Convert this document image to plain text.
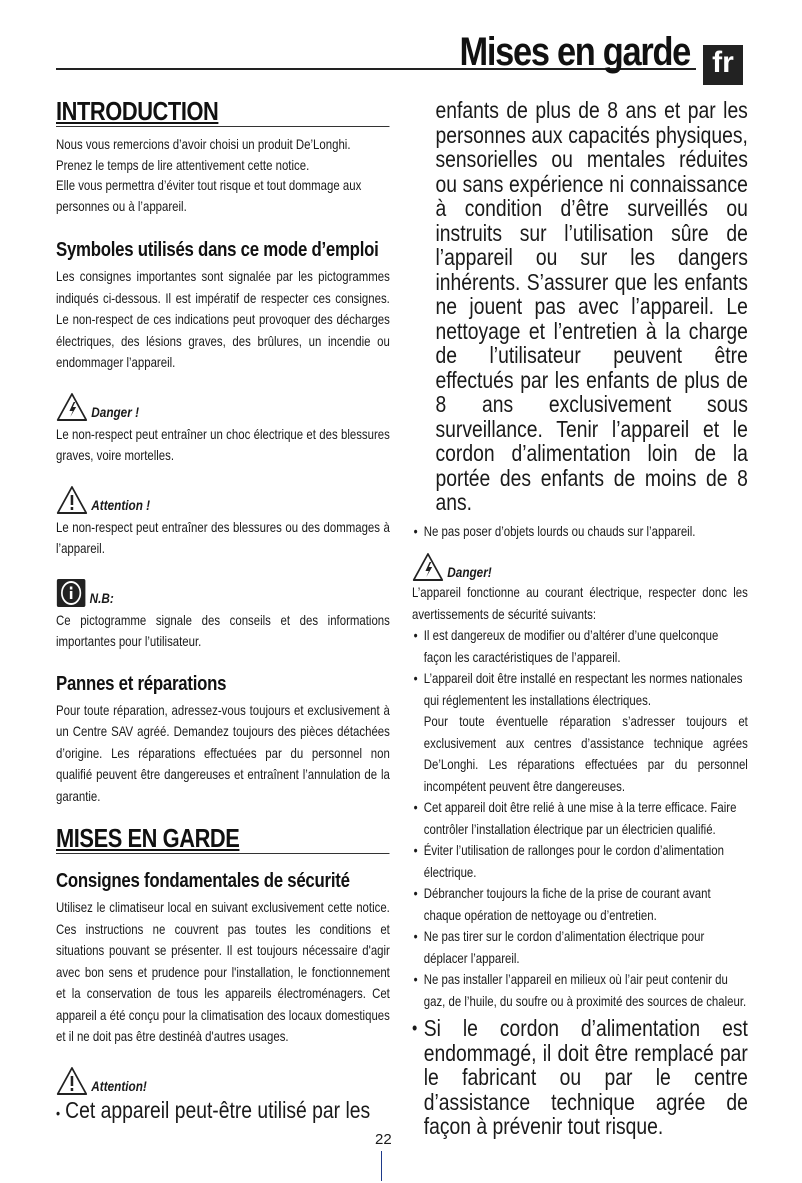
Mises en garde fr
INTRODUCTION
Nous vous remercions d’avoir choisi un produit De’Longhi.
Prenez le temps de lire attentivement cette notice.
Elle vous permettra d’éviter tout risque et tout dommage aux personnes ou à l’appareil.
Symboles utilisés dans ce mode d’emploi
Les consignes importantes sont signalée par les pictogrammes indiqués ci-dessous. Il est impératif de respecter ces consignes. Le non-respect de ces indications peut provoquer des décharges électriques, des lésions graves, des brûlures, un incendie ou endommager l’appareil.
Danger !
Le non-respect peut entraîner un choc électrique et des blessures graves, voire mortelles.
Attention !
Le non-respect peut entraîner des blessures ou des dommages à l’appareil.
N.B:
Ce pictogramme signale des conseils et des informations importantes pour l’utilisateur.
Pannes et réparations
Pour toute réparation, adressez-vous toujours et exclusivement à un Centre SAV agréé. Demandez toujours des pièces détachées d’origine. Les réparations effectuées par du personnel non qualifié peuvent être dangereuses et entraînent l’annulation de la garantie.
MISES EN GARDE
Consignes fondamentales de sécurité
Utilisez le climatiseur local en suivant exclusivement cette notice. Ces instructions ne couvrent pas toutes les conditions et situations pouvant se présenter. Il est toujours nécessaire d'agir avec bon sens et prudence pour l'installation, le fonctionnement et la conservation de tous les appareils électroménagers. Cet appareil a été conçu pour la climatisation des locaux domestiques et il ne doit pas être destinéà d'autres usages.
Attention!
• Cet appareil peut-être utilisé par les
enfants de plus de 8 ans et par les personnes aux capacités physiques, sensorielles ou mentales réduites ou sans expérience ni connaissance à condition d’être surveillés ou instruits sur l’utilisation sûre de l’appareil ou sur les dangers inhérents. S’assurer que les enfants ne jouent pas avec l’appareil. Le nettoyage et l’entretien à la charge de l’utilisateur peuvent être effectués par les enfants de plus de 8 ans exclusivement sous surveillance. Tenir l’appareil et le cordon d’alimentation loin de la portée des enfants de moins de 8 ans.
• Ne pas poser d’objets lourds ou chauds sur l’appareil.
Danger!
L’appareil fonctionne au courant électrique, respecter donc les avertissements de sécurité suivants:
• Il est dangereux de modifier ou d’altérer d’une quelconque façon les caractéristiques de l’appareil.
• L’appareil doit être installé en respectant les normes nationales qui réglementent les installations électriques.
Pour toute éventuelle réparation s’adresser toujours et exclusivement aux centres d’assistance technique agrées De’Longhi. Les réparations effectuées par du personnel incompétent peuvent être dangereuses.
• Cet appareil doit être relié à une mise à la terre efficace. Faire contrôler l’installation électrique par un électricien qualifié.
• Éviter l’utilisation de rallonges pour le cordon d’alimentation électrique.
• Débrancher toujours la fiche de la prise de courant avant chaque opération de nettoyage ou d’entretien.
• Ne pas tirer sur le cordon d’alimentation électrique pour déplacer l’appareil.
• Ne pas installer l’appareil en milieux où l’air peut contenir du gaz, de l’huile, du soufre ou à proximité des sources de chaleur.
• Si le cordon d’alimentation est endommagé, il doit être remplacé par le fabricant ou par le centre d’assistance technique agrée de façon à prévenir tout risque.
22
